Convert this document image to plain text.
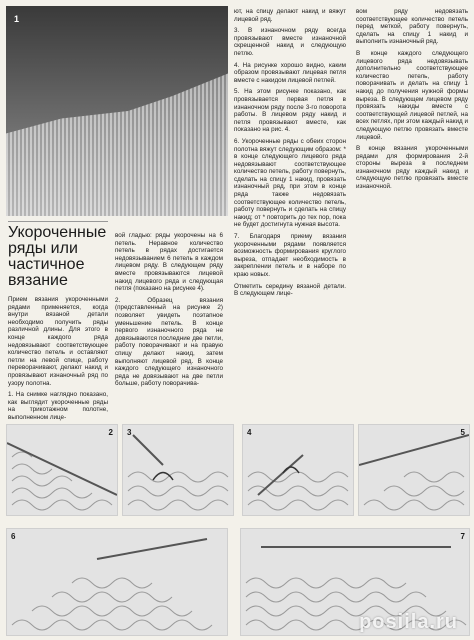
1
Укороченные ряды или частичное вязание

Прием вязания укороченными рядами применяется, когда внутри вязаной детали необходимо получить ряды различной длины. Для этого в конце каждого ряда недовязывают соответствующее количество петель и оставляют петли на левой спице, работу переворачивают, делают накид и провязывают изнаночный ряд по узору полотна.

1. На снимке наглядно показано, как выглядит укороченные ряды на трикотажном полотне, выполненном лице-

вой гладью: ряды укорочены на 6 петель. Неравное количество петель в рядах достигается недовязыванием 6 петель в каждом лицевом ряду. В следующем ряду вместе провязываются лицевой накид лицевого ряда и следующая петля (показано на рисунке 4).

2. Образец вязания (представленный на рисунке 2) позволяет увидеть поэтапное уменьшение петель. В конце первого изнаночного ряда не довязываются последние две петли, работу поворачивают и на правую спицу делают накид, затем выполняют лицевой ряд. В конце каждого следующего изнаночного ряда не довязывают на две петли больше, работу поворачива-

ют, на спицу делают накид и вяжут лицевой ряд.

3. В изнаночном ряду всегда провязывают вместе изнаночной скрещенной накид и следующую петлю.

4. На рисунке хорошо видно, каким образом провязывают лицевая петля вместе с накидом лицевой петлей.

5. На этом рисунке показано, как провязывается первая петля в изнаночном ряду после 3-го поворота работы. В лицевом ряду накид и петля провязывают вместе, как показано на рис. 4.

6. Укороченные ряды с обеих сторон полотна вяжут следующим образом: * в конце следующего лицевого ряда недовязывают соответствующее количество петель, работу повернуть, сделать на спицу 1 накид, провязать изнаночный ряд, при этом в конце ряда также недовязать соответствующее количество петель, работу повернуть и сделать на спицу накид; от * повторить до тех пор, пока не будет достигнута нужная высота.

7. Благодаря приему вязания укороченными рядами появляется возможность формирования круглого выреза, отпадает необходимость в закреплении петель и в наборе по краю новых.

Отметить середину вязаной детали. В следующем лице-

вом ряду недовязать соответствующее количество петель перед меткой, работу повернуть, сделать на спицу 1 накид и выполнить изнаночный ряд.

В конце каждого следующего лицевого ряда недовязывать дополнительно соответствующее количество петель, работу поворачивать и делать на спицу 1 накид до получения нужной формы выреза. В следующем лицевом ряду провязать накиды вместе с соответствующей лицевой петлей, на всех петлях, при этом каждый накид и следующую петлю провязать вместе лицевой.

В конце вязания укороченными рядами для формирования 2-й стороны выреза в последнем изнаночном ряду каждый накид и следующую петлю провязать вместе изнаночной.

2 3	4	5
6	7
posiila.ru
